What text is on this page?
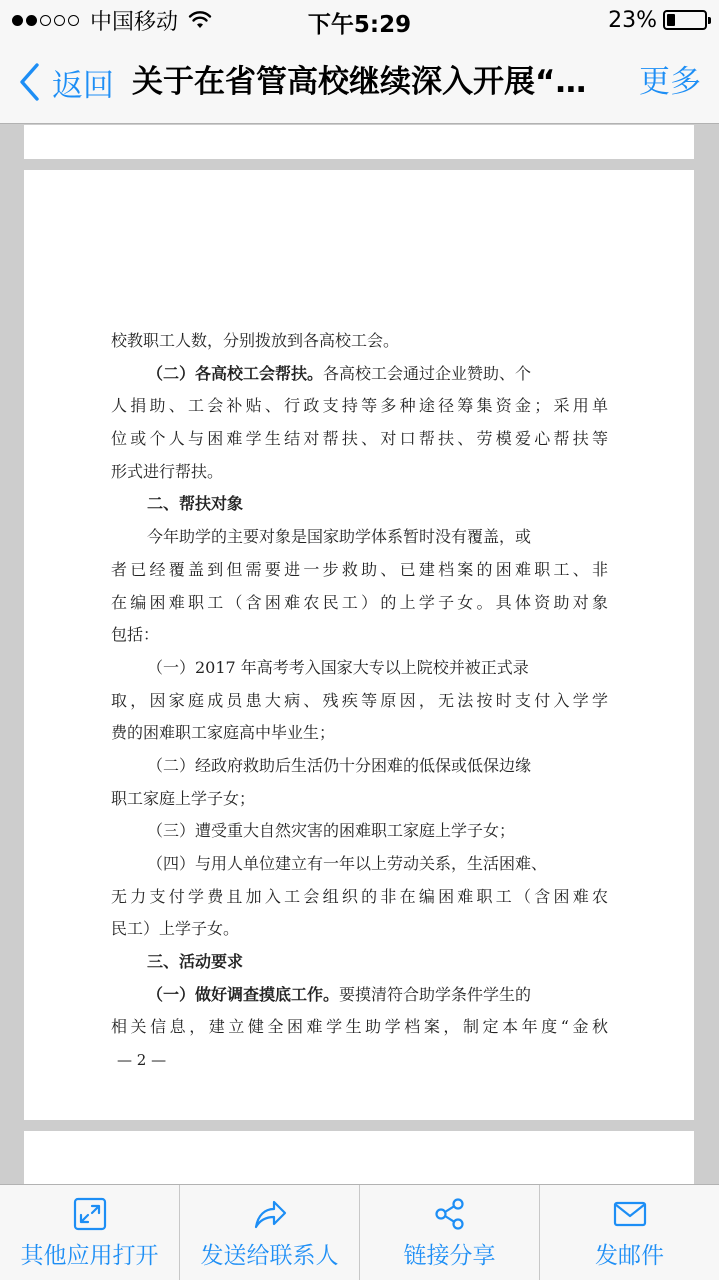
中国移动	下午5:29	23%
返回 关于在省管高校继续深入开展“…	更多
校教职工人数，分别拨放到各高校工会。
（二）各高校工会帮扶。各高校工会通过企业赞助、个
人捐助、工会补贴、行政支持等多种途径筹集资金；采用单
位或个人与困难学生结对帮扶、对口帮扶、劳模爱心帮扶等
形式进行帮扶。
二、帮扶对象
今年助学的主要对象是国家助学体系暂时没有覆盖，或
者已经覆盖到但需要进一步救助、已建档案的困难职工、非
在编困难职工（含困难农民工）的上学子女。具体资助对象
包括：
（一）2017 年高考考入国家大专以上院校并被正式录
取，因家庭成员患大病、残疾等原因，无法按时支付入学学
费的困难职工家庭高中毕业生；
（二）经政府救助后生活仍十分困难的低保或低保边缘
职工家庭上学子女；
（三）遭受重大自然灾害的困难职工家庭上学子女；
（四）与用人单位建立有一年以上劳动关系，生活困难、
无力支付学费且加入工会组织的非在编困难职工（含困难农
民工）上学子女。
三、活动要求
（一）做好调查摸底工作。要摸清符合助学条件学生的
相关信息，建立健全困难学生助学档案，制定本年度“金秋
— 2 —
其他应用打开 发送给联系人	链接分享	发邮件
